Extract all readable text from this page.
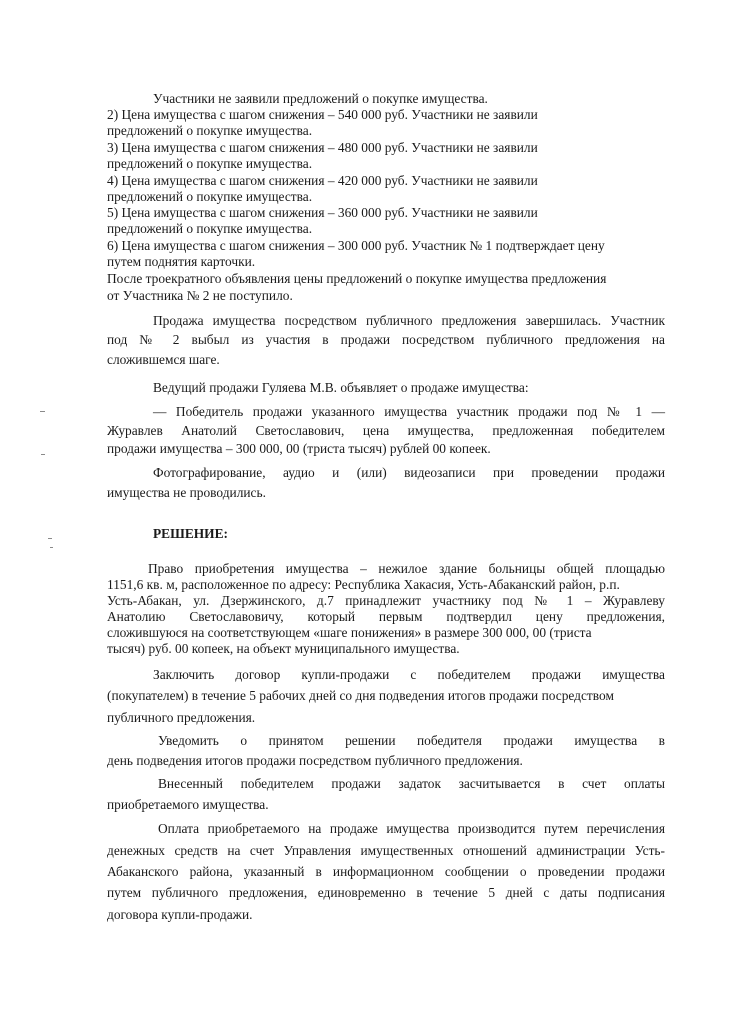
Участники не заявили предложений о покупке имущества.
2) Цена имущества с шагом снижения – 540 000 руб. Участники не заявили
предложений о покупке имущества.
3) Цена имущества с шагом снижения – 480 000 руб. Участники не заявили
предложений о покупке имущества.
4) Цена имущества с шагом снижения – 420 000 руб. Участники не заявили
предложений о покупке имущества.
5) Цена имущества с шагом снижения – 360 000 руб. Участники не заявили
предложений о покупке имущества.
6) Цена имущества с шагом снижения – 300 000 руб. Участник № 1 подтверждает цену
путем поднятия карточки.
После троекратного объявления цены предложений о покупке имущества предложения
от Участника № 2 не поступило.
Продажа имущества посредством публичного предложения завершилась. Участник
под № 2 выбыл из участия в продажи посредством публичного предложения на
сложившемся шаге.
Ведущий продажи Гуляева М.В. объявляет о продаже имущества:
— Победитель продажи указанного имущества участник продажи под № 1 —
Журавлев Анатолий Светославович, цена имущества, предложенная победителем
продажи имущества – 300 000, 00 (триста тысяч) рублей 00 копеек.
Фотографирование, аудио и (или) видеозаписи при проведении продажи
имущества не проводились.
РЕШЕНИЕ:
Право приобретения имущества – нежилое здание больницы общей площадью
1151,6 кв. м, расположенное по адресу: Республика Хакасия, Усть-Абаканский район, р.п.
Усть-Абакан, ул. Дзержинского, д.7 принадлежит участнику под № 1 – Журавлеву
Анатолию Светославовичу, который первым подтвердил цену предложения,
сложившуюся на соответствующем «шаге понижения» в размере 300 000, 00 (триста
тысяч) руб. 00 копеек, на объект муниципального имущества.
Заключить договор купли-продажи с победителем продажи имущества
(покупателем) в течение 5 рабочих дней со дня подведения итогов продажи посредством
публичного предложения.
Уведомить о принятом решении победителя продажи имущества в
день подведения итогов продажи посредством публичного предложения.
Внесенный победителем продажи задаток засчитывается в счет оплаты
приобретаемого имущества.
Оплата приобретаемого на продаже имущества производится путем перечисления
денежных средств на счет Управления имущественных отношений администрации Усть-
Абаканского района, указанный в информационном сообщении о проведении продажи
путем публичного предложения, единовременно в течение 5 дней с даты подписания
договора купли-продажи.
